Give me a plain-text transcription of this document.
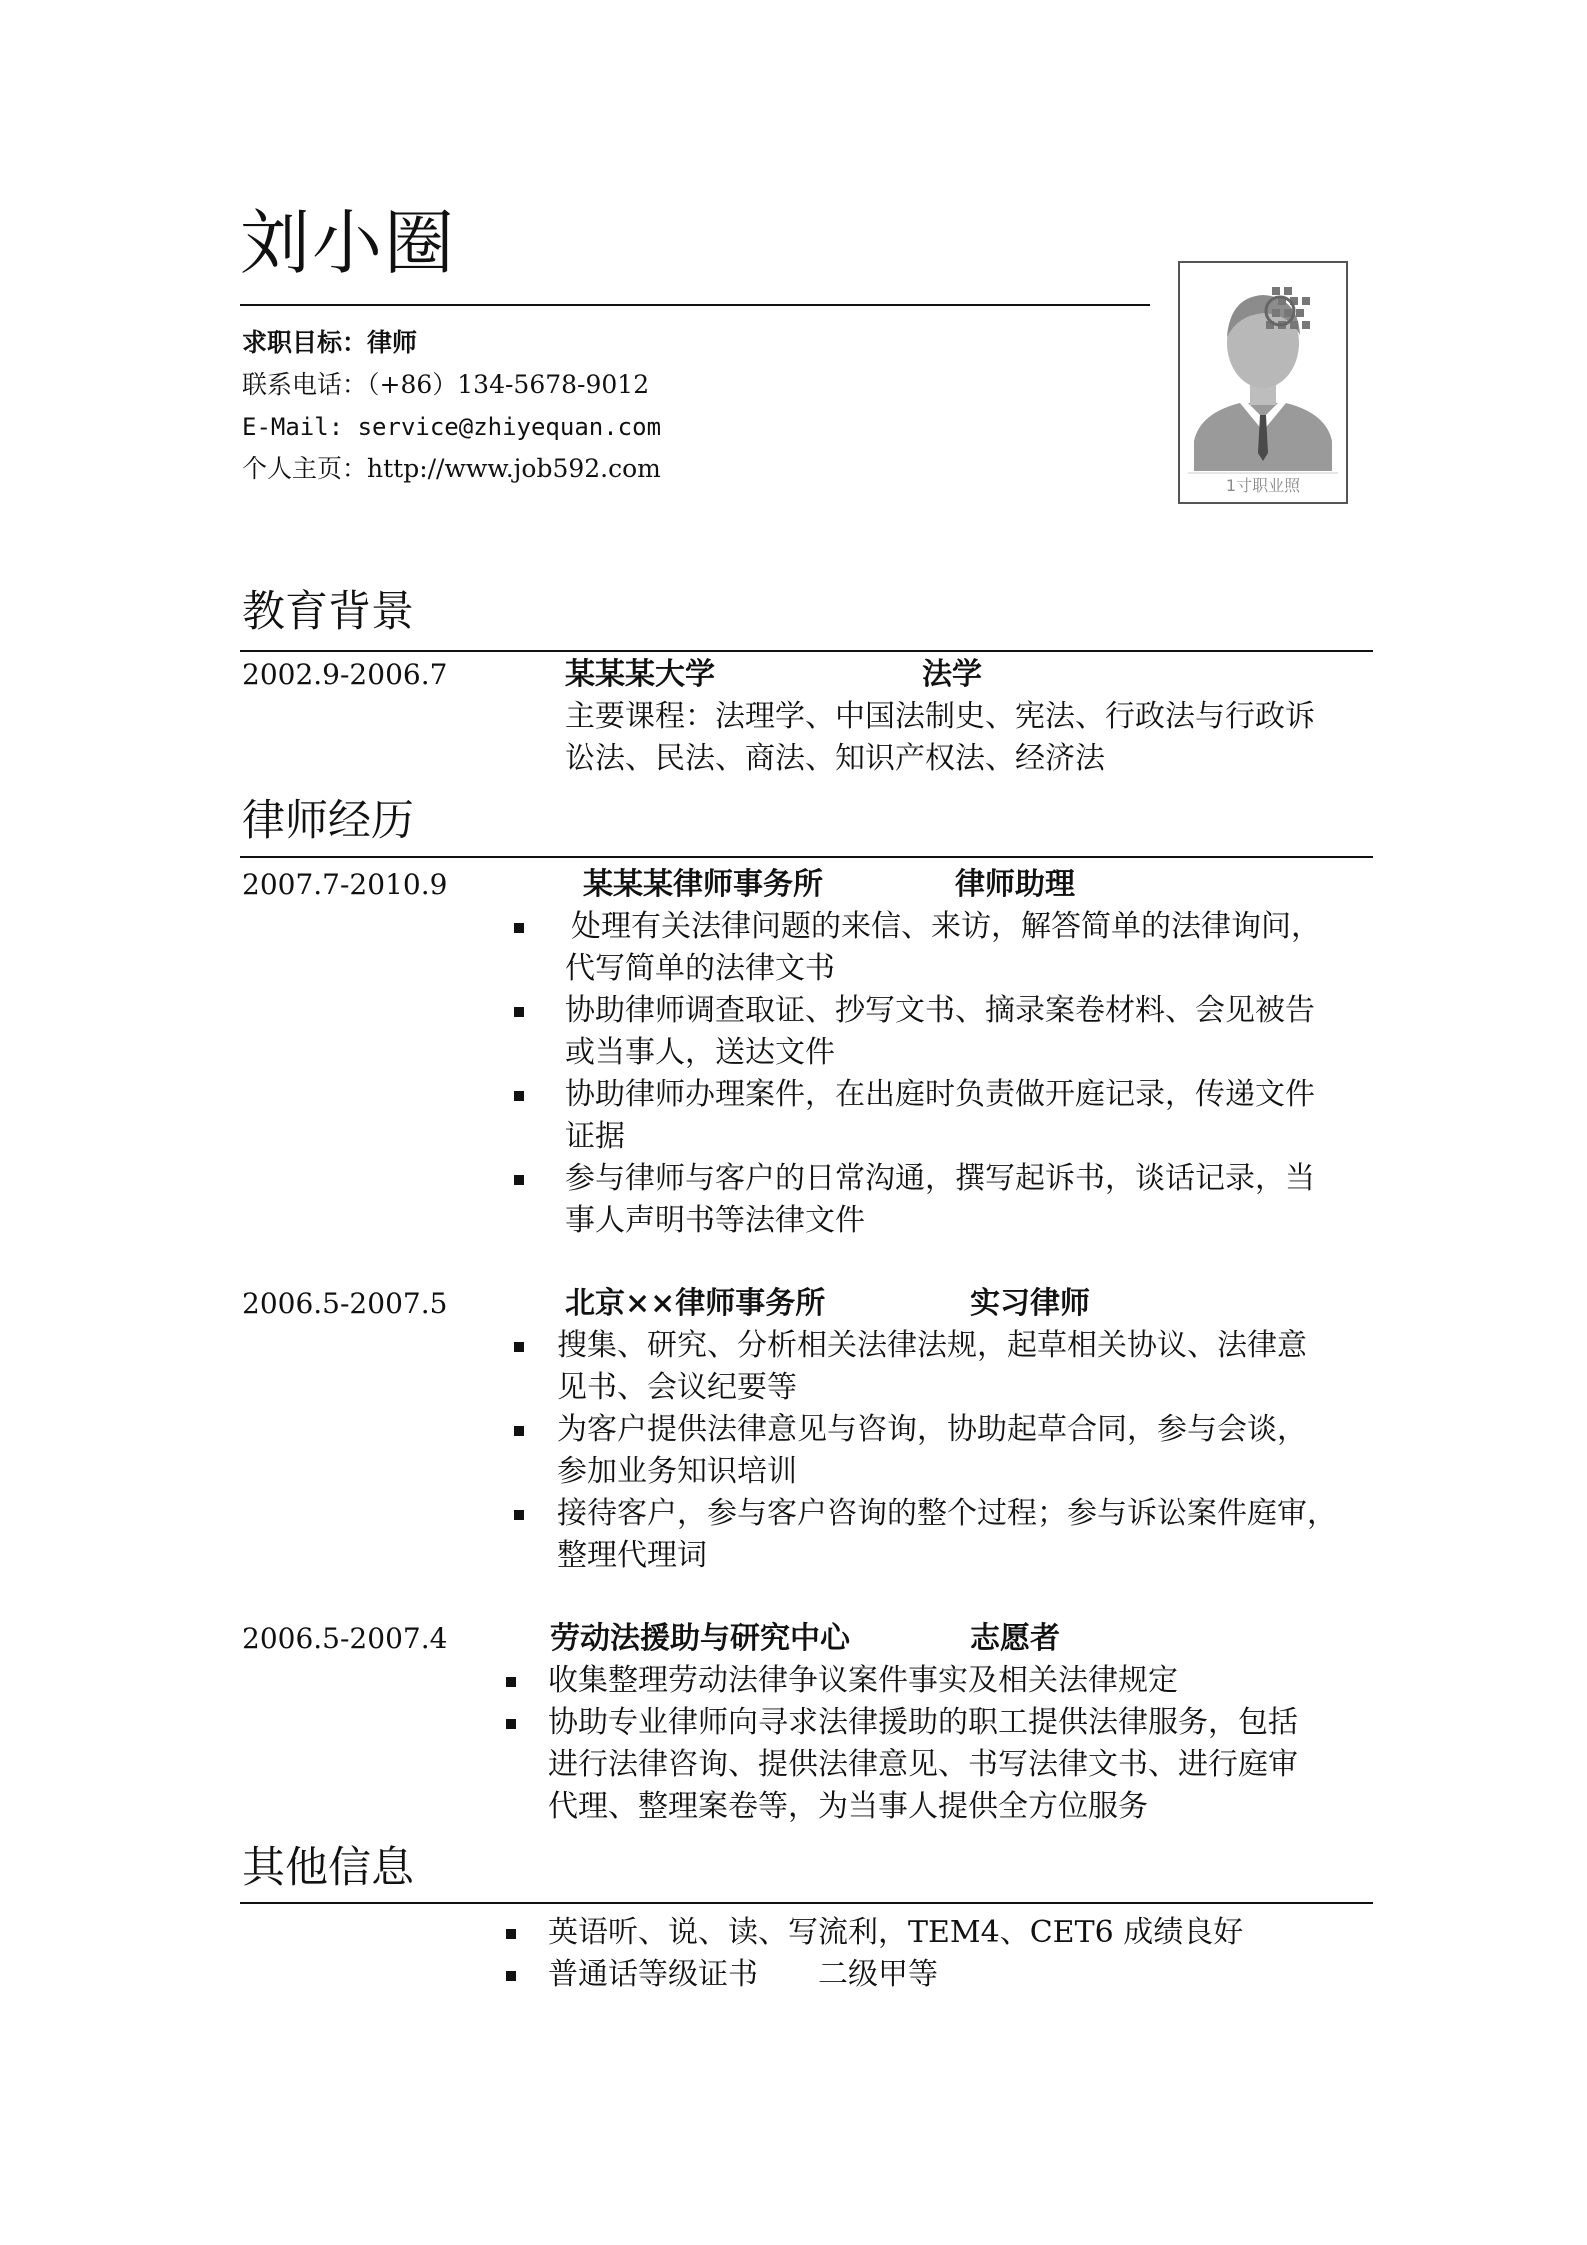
刘小圈
求职目标：律师
联系电话：（+86）134-5678-9012
E-Mail: service@zhiyequan.com
个人主页：http://www.job592.com
1寸职业照
教育背景
2002.9-2006.7	某某某大学	法学
主要课程：法理学、中国法制史、宪法、行政法与行政诉
讼法、民法、商法、知识产权法、经济法
律师经历
2007.7-2010.9	某某某律师事务所	律师助理
处理有关法律问题的来信、来访，解答简单的法律询问，
代写简单的法律文书
协助律师调查取证、抄写文书、摘录案卷材料、会见被告
或当事人，送达文件
协助律师办理案件，在出庭时负责做开庭记录，传递文件
证据
参与律师与客户的日常沟通，撰写起诉书，谈话记录，当
事人声明书等法律文件
2006.5-2007.5	北京××律师事务所	实习律师
搜集、研究、分析相关法律法规，起草相关协议、法律意
见书、会议纪要等
为客户提供法律意见与咨询，协助起草合同，参与会谈，
参加业务知识培训
接待客户，参与客户咨询的整个过程；参与诉讼案件庭审，
整理代理词
2006.5-2007.4	劳动法援助与研究中心	志愿者
收集整理劳动法律争议案件事实及相关法律规定
协助专业律师向寻求法律援助的职工提供法律服务，包括
进行法律咨询、提供法律意见、书写法律文书、进行庭审
代理、整理案卷等，为当事人提供全方位服务
其他信息
英语听、说、读、写流利，TEM4、CET6 成绩良好
普通话等级证书　　二级甲等
